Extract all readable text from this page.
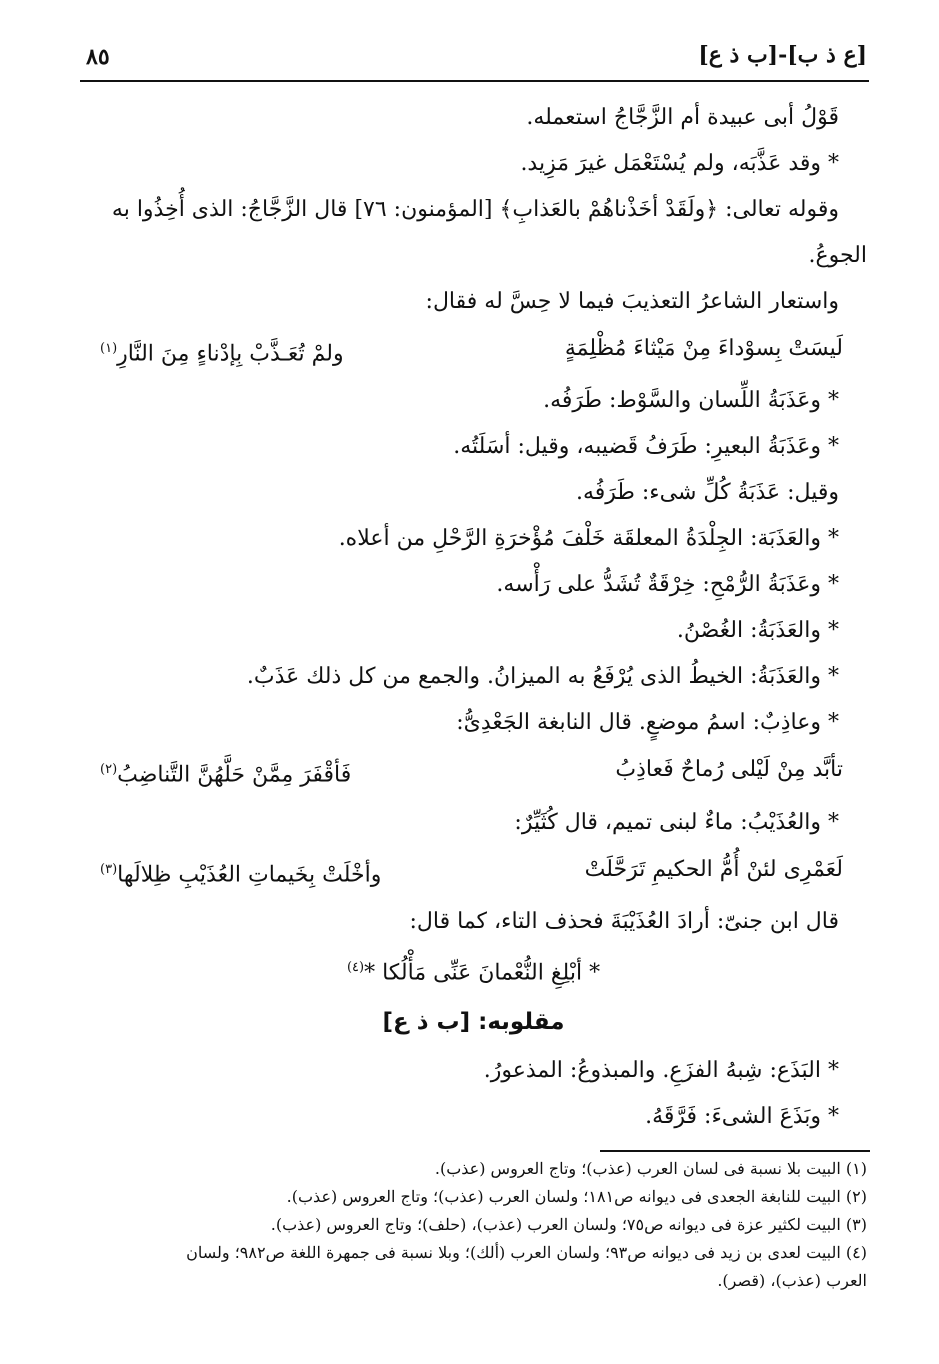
٨٥	[ع ذ ب]-[ب ذ ع]
قَوْلُ أبى عبيدة أم الزَّجَّاجُ استعمله.
* وقد عَذَّبَه، ولم يُسْتَعْمَل غيرَ مَزِيد.
وقوله تعالى: ﴿ولَقَدْ أخَذْناهُمْ بالعَذابِ﴾ [المؤمنون: ٧٦] قال الزَّجَّاجُ: الذى أُخِذُوا به
الجوعُ.
واستعار الشاعرُ التعذيبَ فيما لا حِسَّ له فقال:
لَيسَتْ بِسوْداءَ مِنْ مَيْثاءَ مُظْلِمَةٍ
ولمْ تُعَـذَّبْ بِإدْناءٍ مِنَ النَّارِ$^{(١)}$
* وعَذَبَةُ اللِّسان والسَّوْط: طَرَفُه.
* وعَذَبَةُ البعيرِ: طَرَفُ قَضيبه، وقيل: أسَلَتُه.
وقيل: عَذَبَةُ كُلِّ شىء: طَرَفُه.
* والعَذَبَة: الجِلْدَةُ المعلقَة خَلْفَ مُؤْخرَةِ الرَّحْلِ من أعلاه.
* وعَذَبَةُ الرُّمْحِ: خِرْقَةٌ تُشَدُّ على رَأْسه.
* والعَذَبَةُ: الغُصْنُ.
* والعَذَبَةُ: الخيطُ الذى يُرْفَعُ به الميزانُ. والجمع من كل ذلك عَذَبٌ.
* وعاذِبٌ: اسمُ موضعٍ. قال النابغة الجَعْدِىُّ:
تأبَّد مِنْ لَيْلى رُماحٌ فَعاذِبُ
فَأقْفَرَ مِمَّنْ حَلَّهُنَّ التَّناضِبُ$^{(٢)}$
* والعُذَيْبُ: ماءٌ لبنى تميم، قال كُثَيِّرٌ:
لَعَمْرِى لئنْ أُمُّ الحكيمِ تَرَحَّلَتْ
وأخْلَتْ بِخَيماتِ العُذَيْبِ ظِلالَها$^{(٣)}$
قال ابن جنىّ: أرادَ العُذَيْبَةَ فحذف التاء، كما قال:
* أبْلِغِ النُّعْمانَ عَنِّى مَأْلُكا *$^{(٤)}$
مقلوبه: [ب ذ ع]
* البَذَع: شِبهُ الفزَعِ. والمبذوعُ: المذعورُ.
* وبَذَعَ الشىءَ: فَرَّقَهُ.
(١) البيت بلا نسبة فى لسان العرب (عذب)؛ وتاج العروس (عذب).
(٢) البيت للنابغة الجعدى فى ديوانه ص١٨١؛ ولسان العرب (عذب)؛ وتاج العروس (عذب).
(٣) البيت لكثير عزة فى ديوانه ص٧٥؛ ولسان العرب (عذب)، (حلف)؛ وتاج العروس (عذب).
(٤) البيت لعدى بن زيد فى ديوانه ص٩٣؛ ولسان العرب (ألك)؛ وبلا نسبة فى جمهرة اللغة ص٩٨٢؛ ولسان
العرب (عذب)، (قصر).
